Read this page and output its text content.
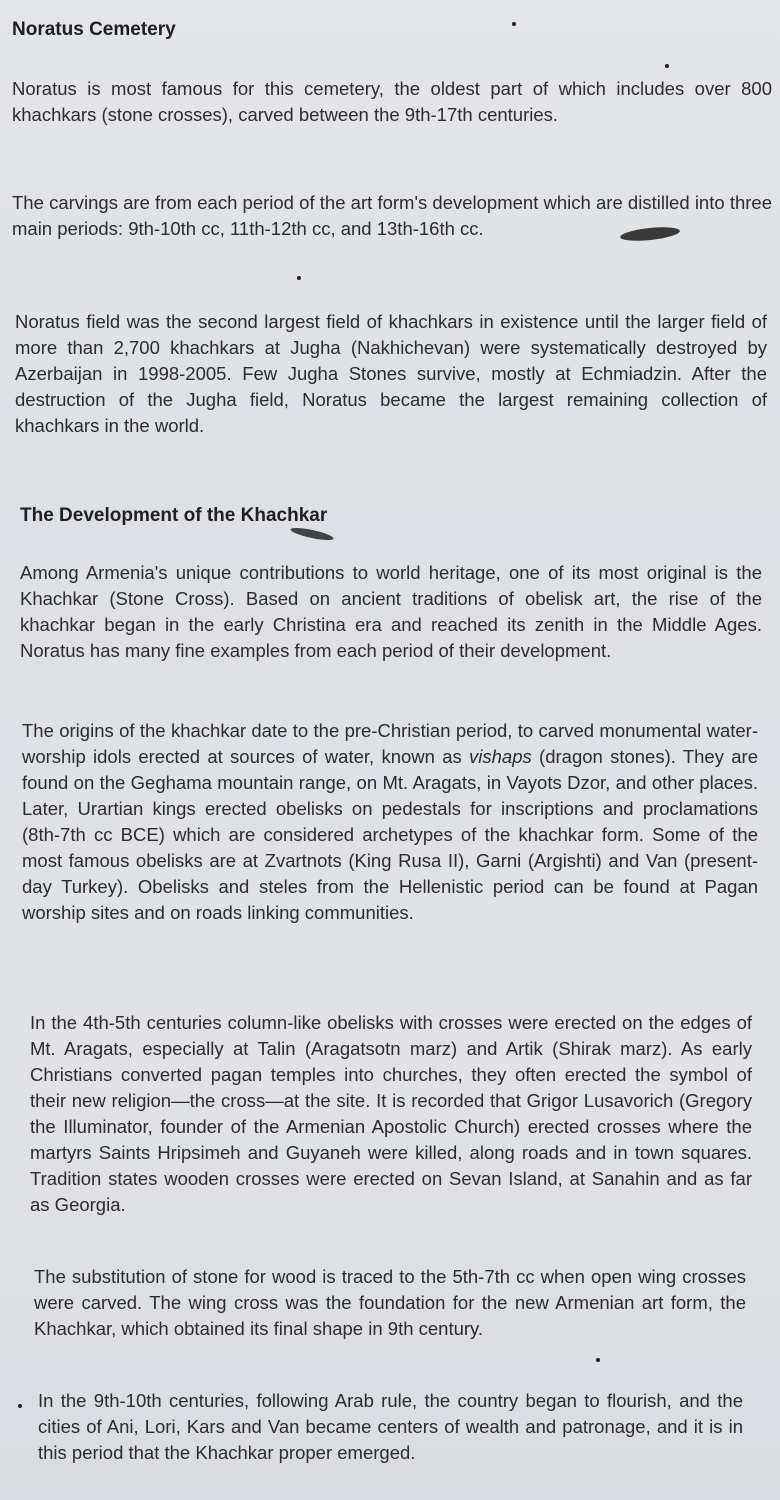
Noratus Cemetery

Noratus is most famous for this cemetery, the oldest part of which includes over 800 khachkars (stone crosses), carved between the 9th-17th centuries.

The carvings are from each period of the art form's development which are distilled into three main periods: 9th-10th cc, 11th-12th cc, and 13th-16th cc.

Noratus field was the second largest field of khachkars in existence until the larger field of more than 2,700 khachkars at Jugha (Nakhichevan) were systematically destroyed by Azerbaijan in 1998-2005. Few Jugha Stones survive, mostly at Echmiadzin. After the destruction of the Jugha field, Noratus became the largest remaining collection of khachkars in the world.

The Development of the Khachkar

Among Armenia's unique contributions to world heritage, one of its most original is the Khachkar (Stone Cross). Based on ancient traditions of obelisk art, the rise of the khachkar began in the early Christina era and reached its zenith in the Middle Ages. Noratus has many fine examples from each period of their development.

The origins of the khachkar date to the pre-Christian period, to carved monumental water-worship idols erected at sources of water, known as vishaps (dragon stones). They are found on the Geghama mountain range, on Mt. Aragats, in Vayots Dzor, and other places. Later, Urartian kings erected obelisks on pedestals for inscriptions and proclamations (8th-7th cc BCE) which are considered archetypes of the khachkar form. Some of the most famous obelisks are at Zvartnots (King Rusa II), Garni (Argishti) and Van (present-day Turkey). Obelisks and steles from the Hellenistic period can be found at Pagan worship sites and on roads linking communities.

In the 4th-5th centuries column-like obelisks with crosses were erected on the edges of Mt. Aragats, especially at Talin (Aragatsotn marz) and Artik (Shirak marz). As early Christians converted pagan temples into churches, they often erected the symbol of their new religion—the cross—at the site. It is recorded that Grigor Lusavorich (Gregory the Illuminator, founder of the Armenian Apostolic Church) erected crosses where the martyrs Saints Hripsimeh and Guyaneh were killed, along roads and in town squares. Tradition states wooden crosses were erected on Sevan Island, at Sanahin and as far as Georgia.

The substitution of stone for wood is traced to the 5th-7th cc when open wing crosses were carved. The wing cross was the foundation for the new Armenian art form, the Khachkar, which obtained its final shape in 9th century.

In the 9th-10th centuries, following Arab rule, the country began to flourish, and the cities of Ani, Lori, Kars and Van became centers of wealth and patronage, and it is in this period that the Khachkar proper emerged.
